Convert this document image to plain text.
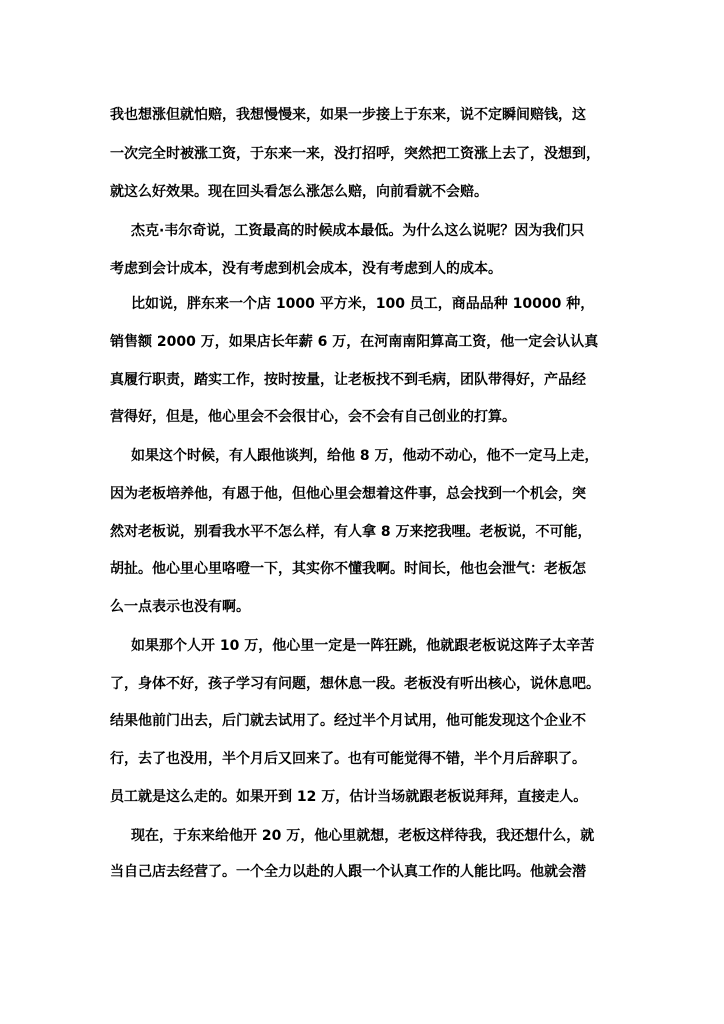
我也想涨但就怕赔，我想慢慢来，如果一步接上于东来，说不定瞬间赔钱，这
一次完全时被涨工资，于东来一来，没打招呼，突然把工资涨上去了，没想到，
就这么好效果。现在回头看怎么涨怎么赔，向前看就不会赔。
杰克·韦尔奇说，工资最高的时候成本最低。为什么这么说呢？因为我们只
考虑到会计成本，没有考虑到机会成本，没有考虑到人的成本。
比如说，胖东来一个店 1000 平方米，100 员工，商品品种 10000 种，
销售额 2000 万，如果店长年薪 6 万，在河南南阳算高工资，他一定会认认真
真履行职责，踏实工作，按时按量，让老板找不到毛病，团队带得好，产品经
营得好，但是，他心里会不会很甘心，会不会有自己创业的打算。
如果这个时候，有人跟他谈判，给他 8 万，他动不动心，他不一定马上走，
因为老板培养他，有恩于他，但他心里会想着这件事，总会找到一个机会，突
然对老板说，别看我水平不怎么样，有人拿 8 万来挖我哩。老板说，不可能，
胡扯。他心里心里咯噔一下，其实你不懂我啊。时间长，他也会泄气：老板怎
么一点表示也没有啊。
如果那个人开 10 万，他心里一定是一阵狂跳，他就跟老板说这阵子太辛苦
了，身体不好，孩子学习有问题，想休息一段。老板没有听出核心，说休息吧。
结果他前门出去，后门就去试用了。经过半个月试用，他可能发现这个企业不
行，去了也没用，半个月后又回来了。也有可能觉得不错，半个月后辞职了。
员工就是这么走的。如果开到 12 万，估计当场就跟老板说拜拜，直接走人。
现在，于东来给他开 20 万，他心里就想，老板这样待我，我还想什么，就
当自己店去经营了。一个全力以赴的人跟一个认真工作的人能比吗。他就会潜
